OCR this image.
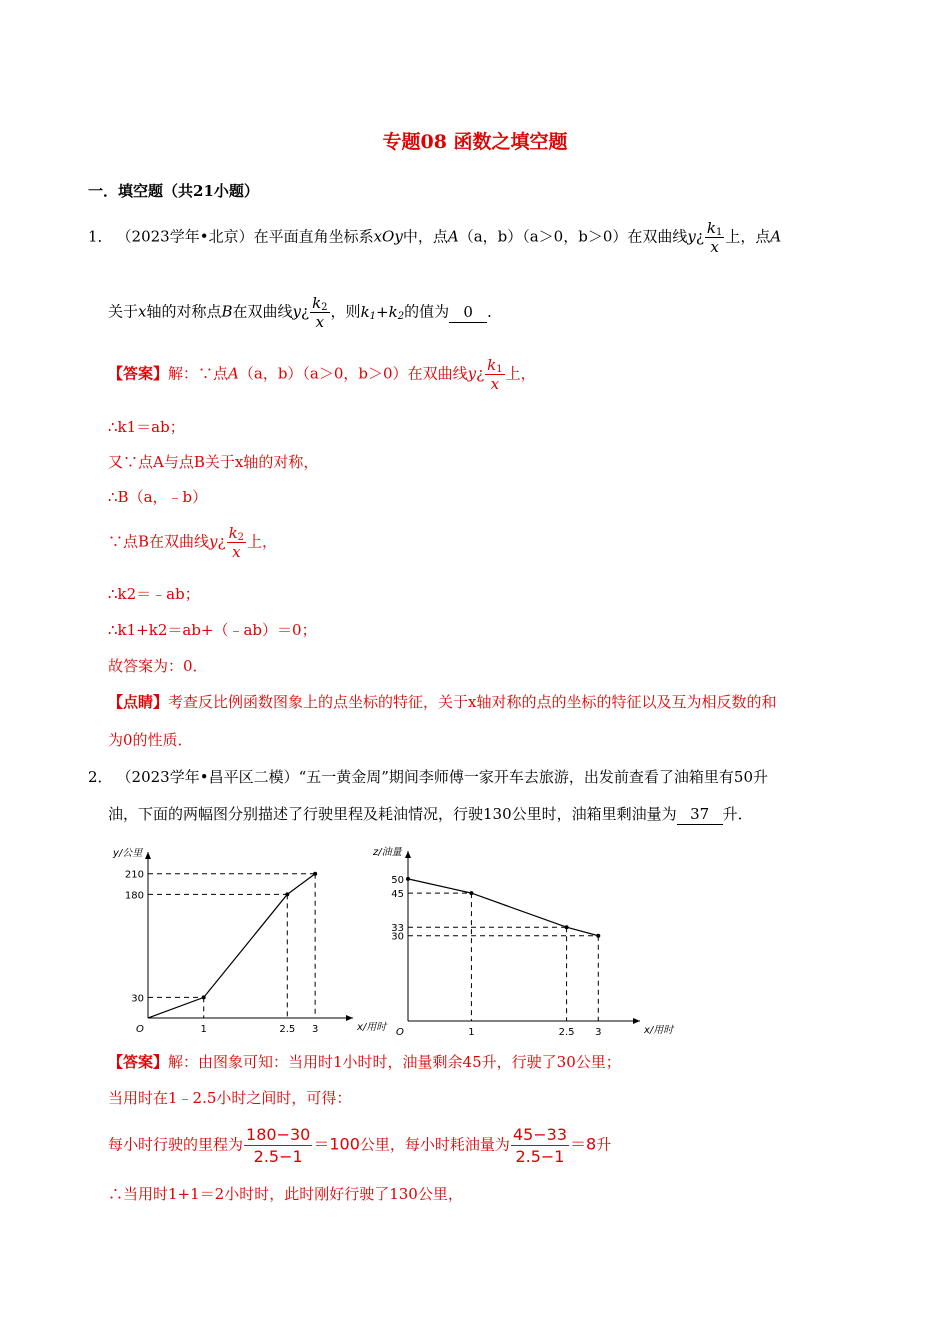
专题08 函数之填空题
一．填空题（共21小题）
1． （2023学年•北京）在平面直角坐标系xOy中，点A（a，b）（a＞0，b＞0）在双曲线y¿ $\frac{k_1}{x}$ 上，点A
关于x轴的对称点B在双曲线y¿ $\frac{k_2}{x}$ ，则$k_1+k_2$的值为 0 ．
【答案】解：∵点A（a，b）（a＞0，b＞0）在双曲线y¿ $\frac{k_1}{x}$ 上，
∴k1＝ab；
又∵点A与点B关于x轴的对称，
∴B（a，﹣b）
∵点B在双曲线y¿ $\frac{k_2}{x}$ 上，
∴k2＝﹣ab；
∴k1+k2＝ab+（﹣ab）＝0；
故答案为：0．
【点睛】考查反比例函数图象上的点坐标的特征，关于x轴对称的点的坐标的特征以及互为相反数的和
为0的性质．
2． （2023学年•昌平区二模）“五一黄金周”期间李师傅一家开车去旅游，出发前查看了油箱里有50升
油，下面的两幅图分别描述了行驶里程及耗油情况，行驶130公里时，油箱里剩油量为 37 升．
y/公里
x/用时
O	1	2.5 3
30
180
210
z/油量
x/用时
O	1	2.5 3
30
33
45
50
【答案】解：由图象可知：当用时1小时时，油量剩余45升，行驶了30公里；
当用时在1﹣2.5小时之间时，可得：
每小时行驶的里程为 $\frac{180-30}{2.5-1} =100$公里，每小时耗油量为 $\frac{45-33}{2.5-1} =8$升
∴当用时1+1＝2小时时，此时刚好行驶了130公里，
